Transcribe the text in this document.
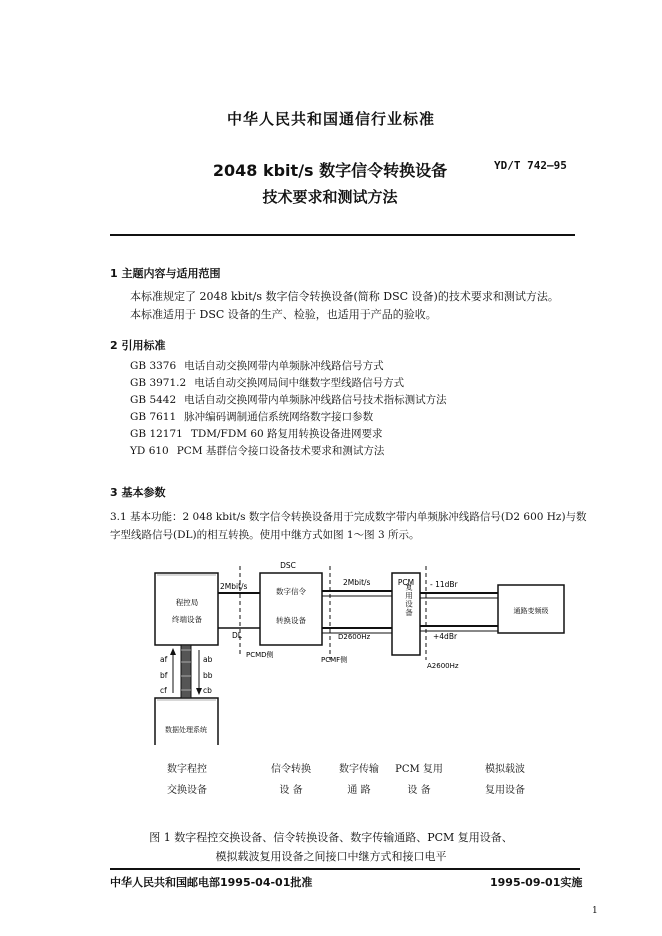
中华人民共和国通信行业标准
2048 kbit/s 数字信令转换设备
技术要求和测试方法
YD/T 742—95
1 主题内容与适用范围
本标准规定了 2048 kbit/s 数字信令转换设备(简称 DSC 设备)的技术要求和测试方法。
本标准适用于 DSC 设备的生产、检验，也适用于产品的验收。
2 引用标准
GB 3376 电话自动交换网带内单频脉冲线路信号方式
GB 3971.2 电话自动交换网局间中继数字型线路信号方式
GB 5442 电话自动交换网带内单频脉冲线路信号技术指标测试方法
GB 7611 脉冲编码调制通信系统网络数字接口参数
GB 12171 TDM/FDM 60 路复用转换设备进网要求
YD 610 PCM 基群信令接口设备技术要求和测试方法
3 基本参数
3.1 基本功能：2 048 kbit/s 数字信令转换设备用于完成数字带内单频脉冲线路信号(D2 600 Hz)与数
字型线路信号(DL)的相互转换。使用中继方式如图 1～图 3 所示。
程控局
终端设备
DSC
数字信令
转换设备
PCM
复用设备	通路变频级
数据处理系统
2Mbit/s
DL
2Mbit/s
D2600Hz
- 11dBr
+4dBr
A2600Hz
PCMD侧
PCMF侧
af
bf
cf
ab
bb
cb
数字程控
交换设备
信令转换
设 备
数字传输
通 路
PCM 复用
设 备
模拟载波
复用设备
图 1 数字程控交换设备、信令转换设备、数字传输通路、PCM 复用设备、
模拟载波复用设备之间接口中继方式和接口电平
中华人民共和国邮电部1995-04-01批准	1995-09-01实施
1
